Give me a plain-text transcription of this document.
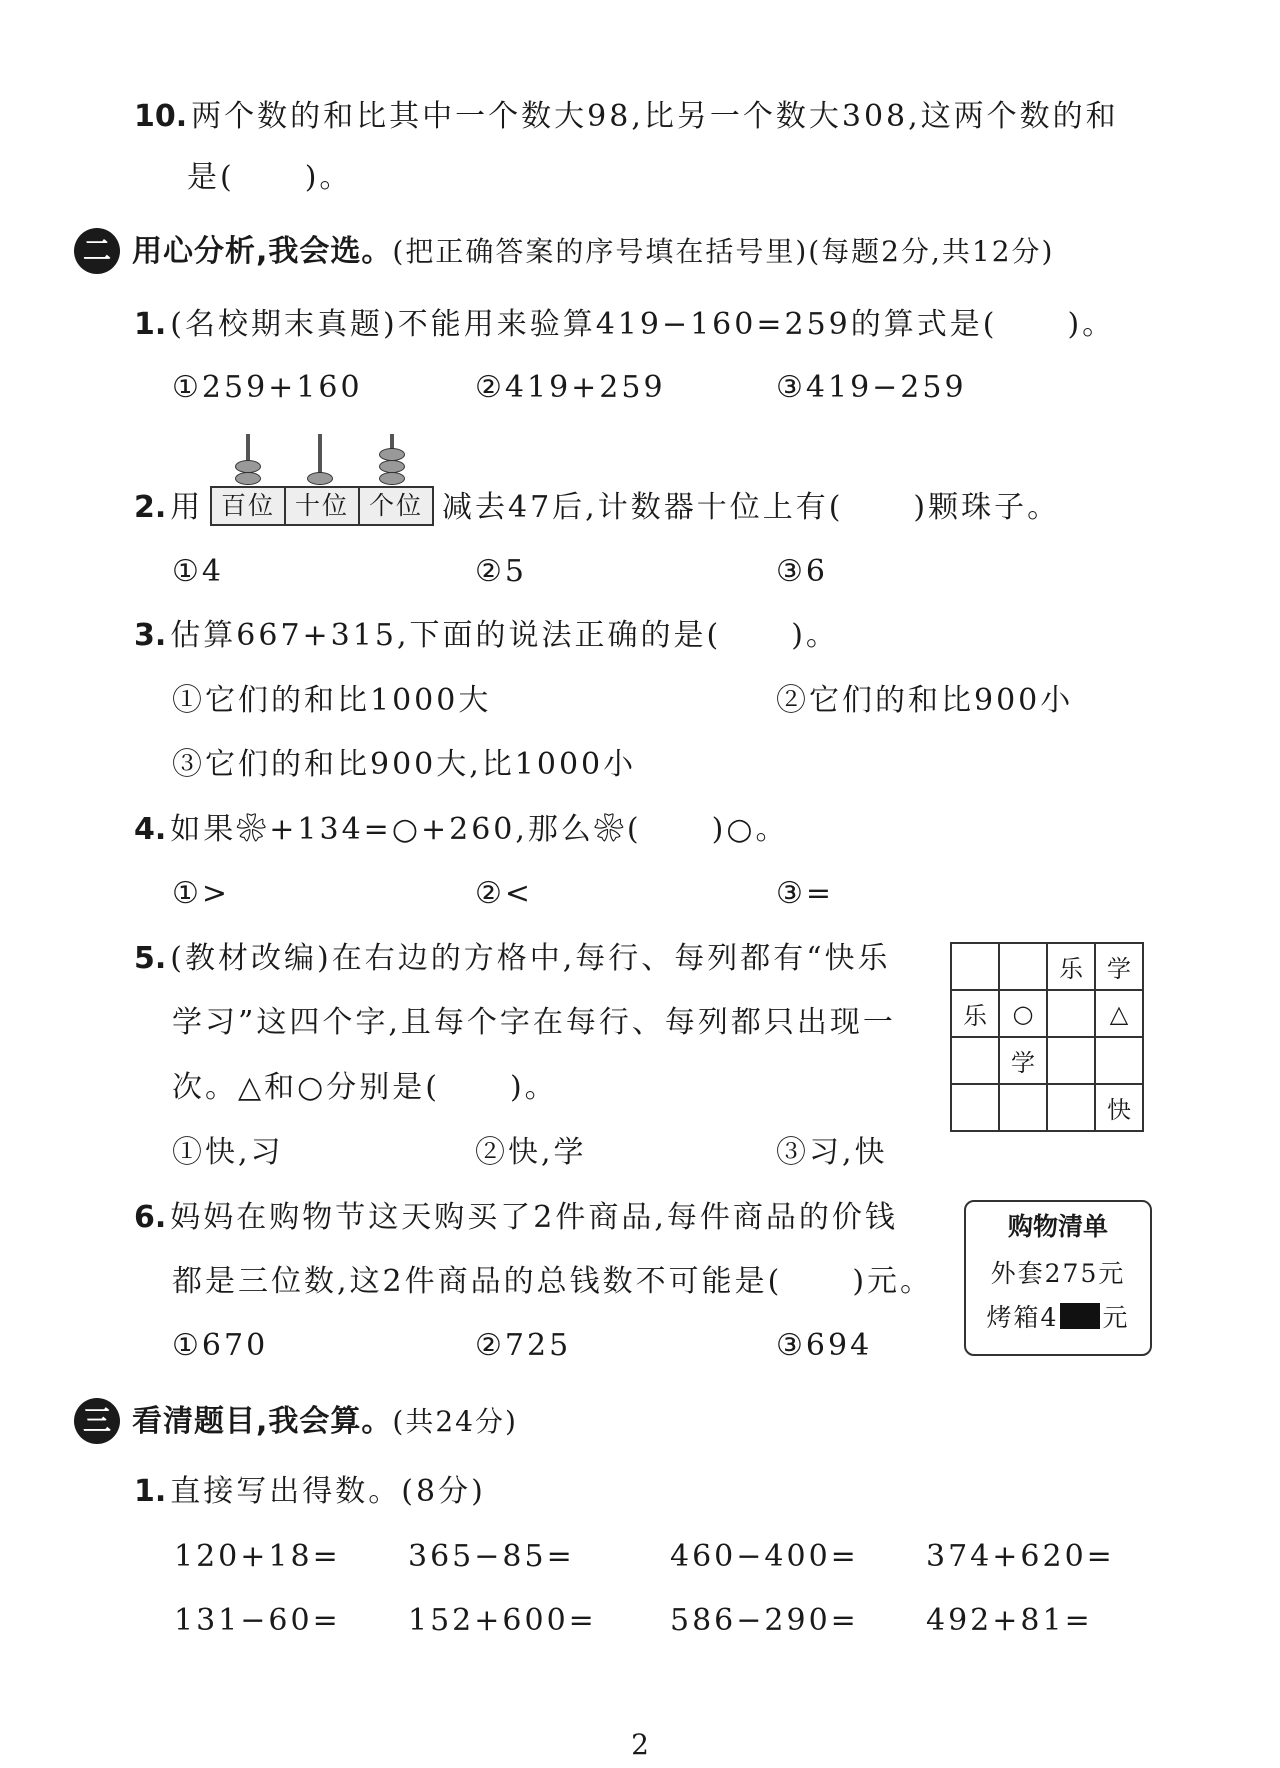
10. 两个数的和比其中一个数大98,比另一个数大308,这两个数的和
是( )。
二 用心分析,我会选。(把正确答案的序号填在括号里)(每题2分,共12分)
1. (名校期末真题)不能用来验算419−160=259的算式是( )。
①259+160	②419+259	③419−259
2. 用 百位 十位 个位 减去47后,计数器十位上有( )颗珠子。
①4	②5	③6
3. 估算667+315,下面的说法正确的是( )。
①它们的和比1000大	②它们的和比900小
③它们的和比900大,比1000小
4. 如果❀+134=○+260,那么❀( )○。
①>	②<	③=
5. (教材改编)在右边的方格中,每行、每列都有“快乐
学习”这四个字,且每个字在每行、每列都只出现一
次。△和○分别是( )。
		乐	学
乐	○		△
	学		
			快
①快,习	②快,学	③习,快
6. 妈妈在购物节这天购买了2件商品,每件商品的价钱
都是三位数,这2件商品的总钱数不可能是( )元。
①670	②725	③694
购物清单
外套275元
烤箱4 元
三 看清题目,我会算。(共24分)
1. 直接写出得数。(8分)
120+18= 365−85=	460−400= 374+620=
131−60= 152+600= 586−290= 492+81=
2
